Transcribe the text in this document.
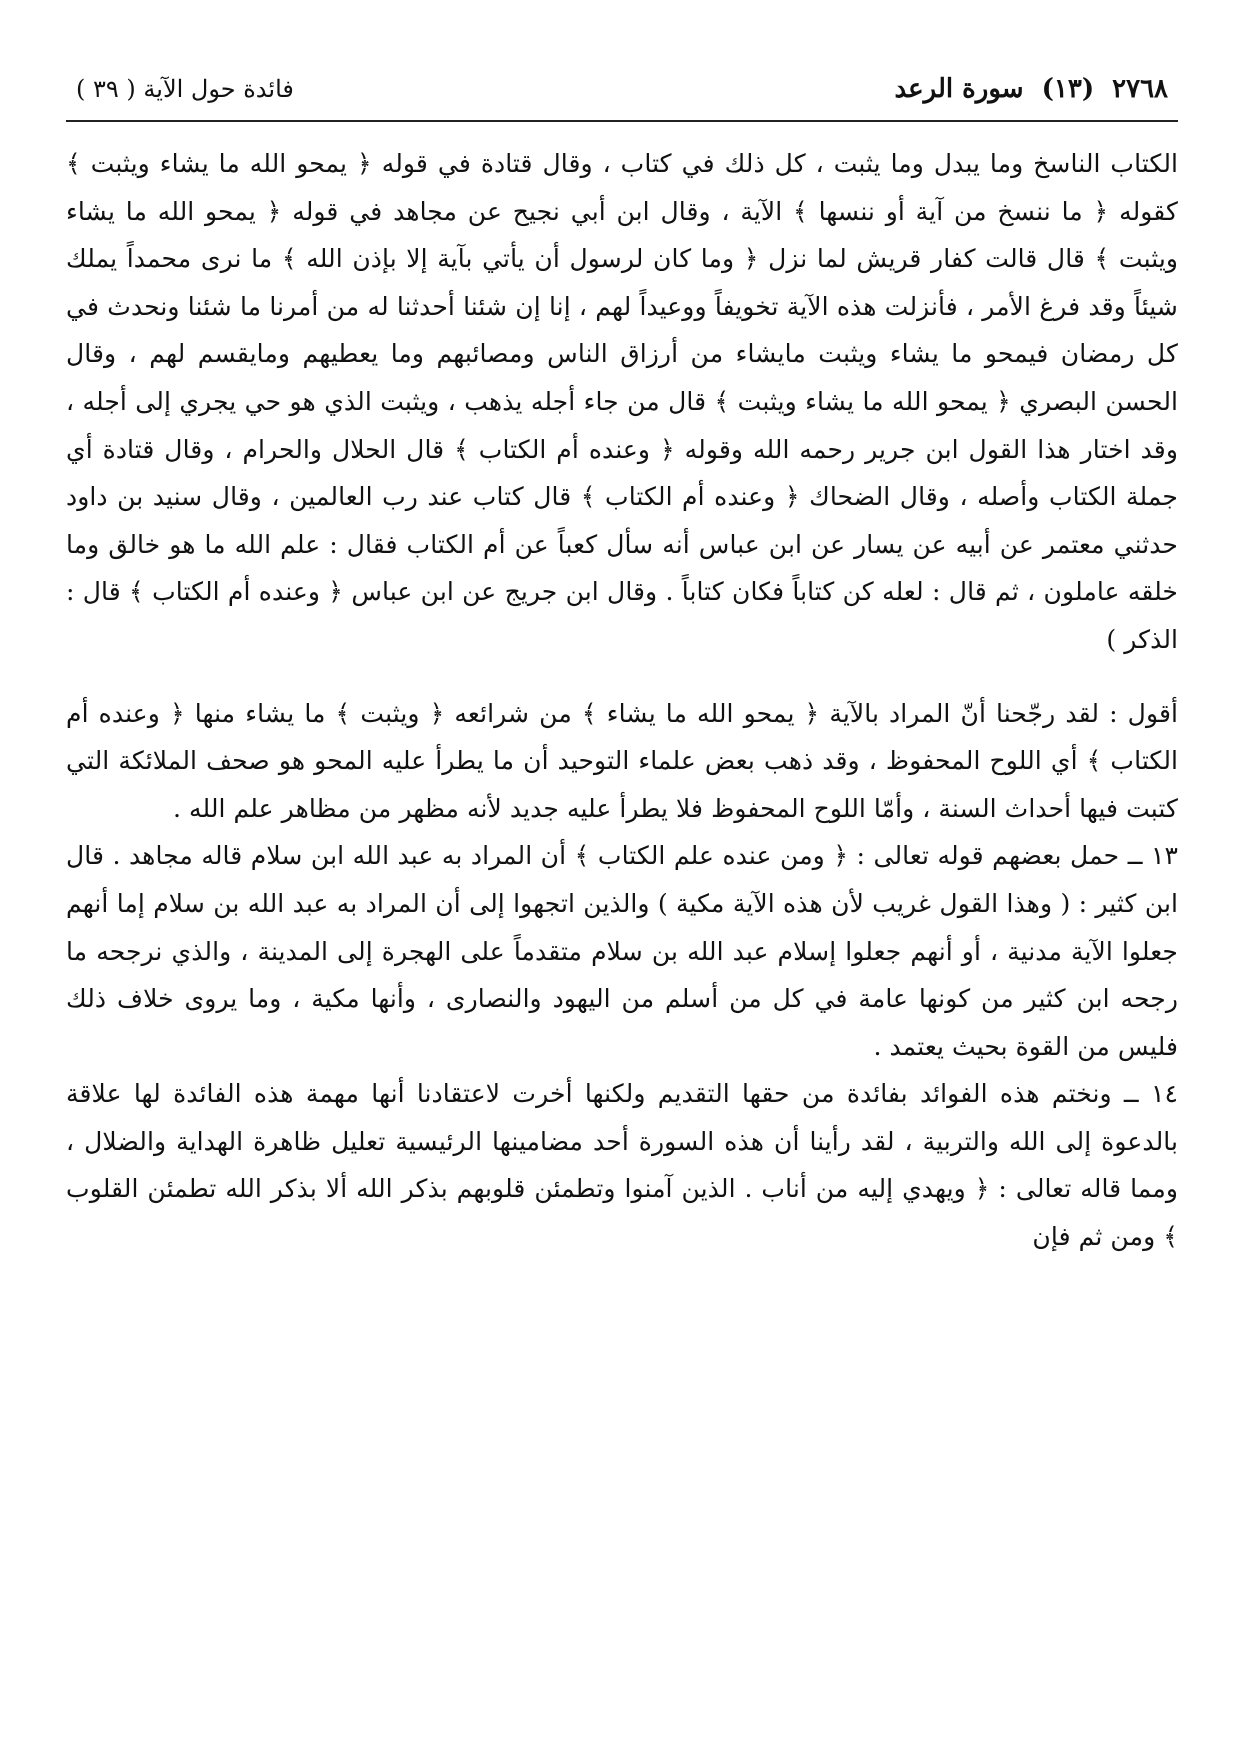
٢٧٦٨
(١٣)
سورة الرعد
فائدة حول الآية ( ٣٩ )

الكتاب الناسخ وما يبدل وما يثبت ، كل ذلك في كتاب ، وقال قتادة في قوله ﴿ يمحو الله ما يشاء ويثبت ﴾ كقوله ﴿ ما ننسخ من آية أو ننسها ﴾ الآية ، وقال ابن أبي نجيح عن مجاهد في قوله ﴿ يمحو الله ما يشاء ويثبت ﴾ قال قالت كفار قريش لما نزل ﴿ وما كان لرسول أن يأتي بآية إلا بإذن الله ﴾ ما نرى محمداً يملك شيئاً وقد فرغ الأمر ، فأنزلت هذه الآية تخويفاً ووعيداً لهم ، إنا إن شئنا أحدثنا له من أمرنا ما شئنا ونحدث في كل رمضان فيمحو ما يشاء ويثبت مايشاء من أرزاق الناس ومصائبهم وما يعطيهم ومايقسم لهم ، وقال الحسن البصري ﴿ يمحو الله ما يشاء ويثبت ﴾ قال من جاء أجله يذهب ، ويثبت الذي هو حي يجري إلى أجله ، وقد اختار هذا القول ابن جرير رحمه الله وقوله ﴿ وعنده أم الكتاب ﴾ قال الحلال والحرام ، وقال قتادة أي جملة الكتاب وأصله ، وقال الضحاك ﴿ وعنده أم الكتاب ﴾ قال كتاب عند رب العالمين ، وقال سنيد بن داود حدثني معتمر عن أبيه عن يسار عن ابن عباس أنه سأل كعباً عن أم الكتاب فقال : علم الله ما هو خالق وما خلقه عاملون ، ثم قال : لعله كن كتاباً فكان كتاباً . وقال ابن جريج عن ابن عباس ﴿ وعنده أم الكتاب ﴾ قال : الذكر )

أقول : لقد رجّحنا أنّ المراد بالآية ﴿ يمحو الله ما يشاء ﴾ من شرائعه ﴿ ويثبت ﴾ ما يشاء منها ﴿ وعنده أم الكتاب ﴾ أي اللوح المحفوظ ، وقد ذهب بعض علماء التوحيد أن ما يطرأ عليه المحو هو صحف الملائكة التي كتبت فيها أحداث السنة ، وأمّا اللوح المحفوظ فلا يطرأ عليه جديد لأنه مظهر من مظاهر علم الله .

١٣ ــ حمل بعضهم قوله تعالى : ﴿ ومن عنده علم الكتاب ﴾ أن المراد به عبد الله ابن سلام قاله مجاهد . قال ابن كثير : ( وهذا القول غريب لأن هذه الآية مكية ) والذين اتجهوا إلى أن المراد به عبد الله بن سلام إما أنهم جعلوا الآية مدنية ، أو أنهم جعلوا إسلام عبد الله بن سلام متقدماً على الهجرة إلى المدينة ، والذي نرجحه ما رجحه ابن كثير من كونها عامة في كل من أسلم من اليهود والنصارى ، وأنها مكية ، وما يروى خلاف ذلك فليس من القوة بحيث يعتمد .

١٤ ــ ونختم هذه الفوائد بفائدة من حقها التقديم ولكنها أخرت لاعتقادنا أنها مهمة هذه الفائدة لها علاقة بالدعوة إلى الله والتربية ، لقد رأينا أن هذه السورة أحد مضامينها الرئيسية تعليل ظاهرة الهداية والضلال ، ومما قاله تعالى : ﴿ ويهدي إليه من أناب . الذين آمنوا وتطمئن قلوبهم بذكر الله ألا بذكر الله تطمئن القلوب ﴾ ومن ثم فإن
